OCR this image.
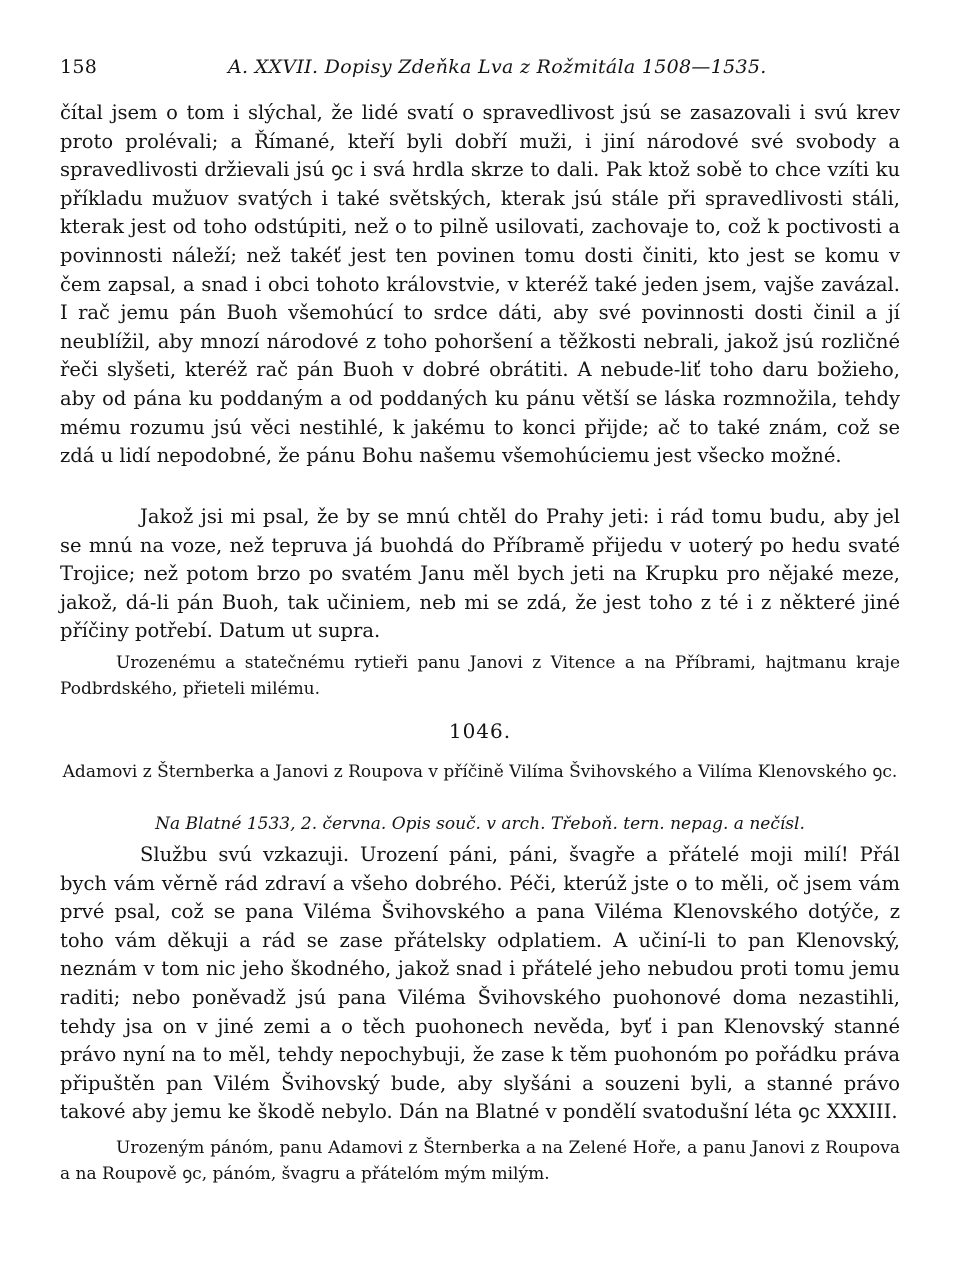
158	A. XXVII. Dopisy Zdeňka Lva z Rožmitála 1508—1535.

čítal jsem o tom i slýchal, že lidé svatí o spravedlivost jsú se zasazovali i svú krev proto prolévali; a Římané, kteří byli dobří muži, i jiní národové své svobody a spravedlivosti držievali jsú ꝯc i svá hrdla skrze to dali. Pak ktož sobě to chce vzíti ku příkladu mužuov svatých i také světských, kterak jsú stále při spravedlivosti stáli, kterak jest od toho odstúpiti, než o to pilně usilovati, zachovaje to, což k poctivosti a povinnosti náleží; než takéť jest ten povinen tomu dosti činiti, kto jest se komu v čem zapsal, a snad i obci tohoto královstvie, v kteréž také jeden jsem, vajše zavázal. I rač jemu pán Buoh všemohúcí to srdce dáti, aby své povinnosti dosti činil a jí neublížil, aby mnozí národové z toho pohoršení a těžkosti nebrali, jakož jsú rozličné řeči slyšeti, kteréž rač pán Buoh v dobré obrátiti. A nebude-liť toho daru božieho, aby od pána ku poddaným a od poddaných ku pánu větší se láska rozmnožila, tehdy mému rozumu jsú věci nestihlé, k jakému to konci přijde; ač to také znám, což se zdá u lidí nepodobné, že pánu Bohu našemu všemohúciemu jest všecko možné.

Jakož jsi mi psal, že by se mnú chtěl do Prahy jeti: i rád tomu budu, aby jel se mnú na voze, než tepruva já buohdá do Příbramě přijedu v uoterý po hedu svaté Trojice; než potom brzo po svatém Janu měl bych jeti na Krupku pro nějaké meze, jakož, dá-li pán Buoh, tak učiniem, neb mi se zdá, že jest toho z té i z některé jiné příčiny potřebí. Datum ut supra.

Urozenému a statečnému rytieři panu Janovi z Vitence a na Příbrami, hajtmanu kraje Podbrdského, přieteli milému.

1046.

Adamovi z Šternberka a Janovi z Roupova v příčině Vilíma Švihovského a Vilíma Klenovského ꝯc.

Na Blatné 1533, 2. června. Opis souč. v arch. Třeboň. tern. nepag. a nečísl.

Službu svú vzkazuji. Urození páni, páni, švagře a přátelé moji milí! Přál bych vám věrně rád zdraví a všeho dobrého. Péči, kterúž jste o to měli, oč jsem vám prvé psal, což se pana Viléma Švihovského a pana Viléma Klenovského dotýče, z toho vám děkuji a rád se zase přátelsky odplatiem. A učiní-li to pan Klenovský, neznám v tom nic jeho škodného, jakož snad i přátelé jeho nebudou proti tomu jemu raditi; nebo poněvadž jsú pana Viléma Švihovského puohonové doma nezastihli, tehdy jsa on v jiné zemi a o těch puohonech nevěda, byť i pan Klenovský stanné právo nyní na to měl, tehdy nepochybuji, že zase k těm puohonóm po pořádku práva připuštěn pan Vilém Švihovský bude, aby slyšáni a souzeni byli, a stanné právo takové aby jemu ke škodě nebylo. Dán na Blatné v pondělí svatodušní léta ꝯc XXXIII.

Urozeným pánóm, panu Adamovi z Šternberka a na Zelené Hoře, a panu Janovi z Roupova a na Roupově ꝯc, pánóm, švagru a přátelóm mým milým.
